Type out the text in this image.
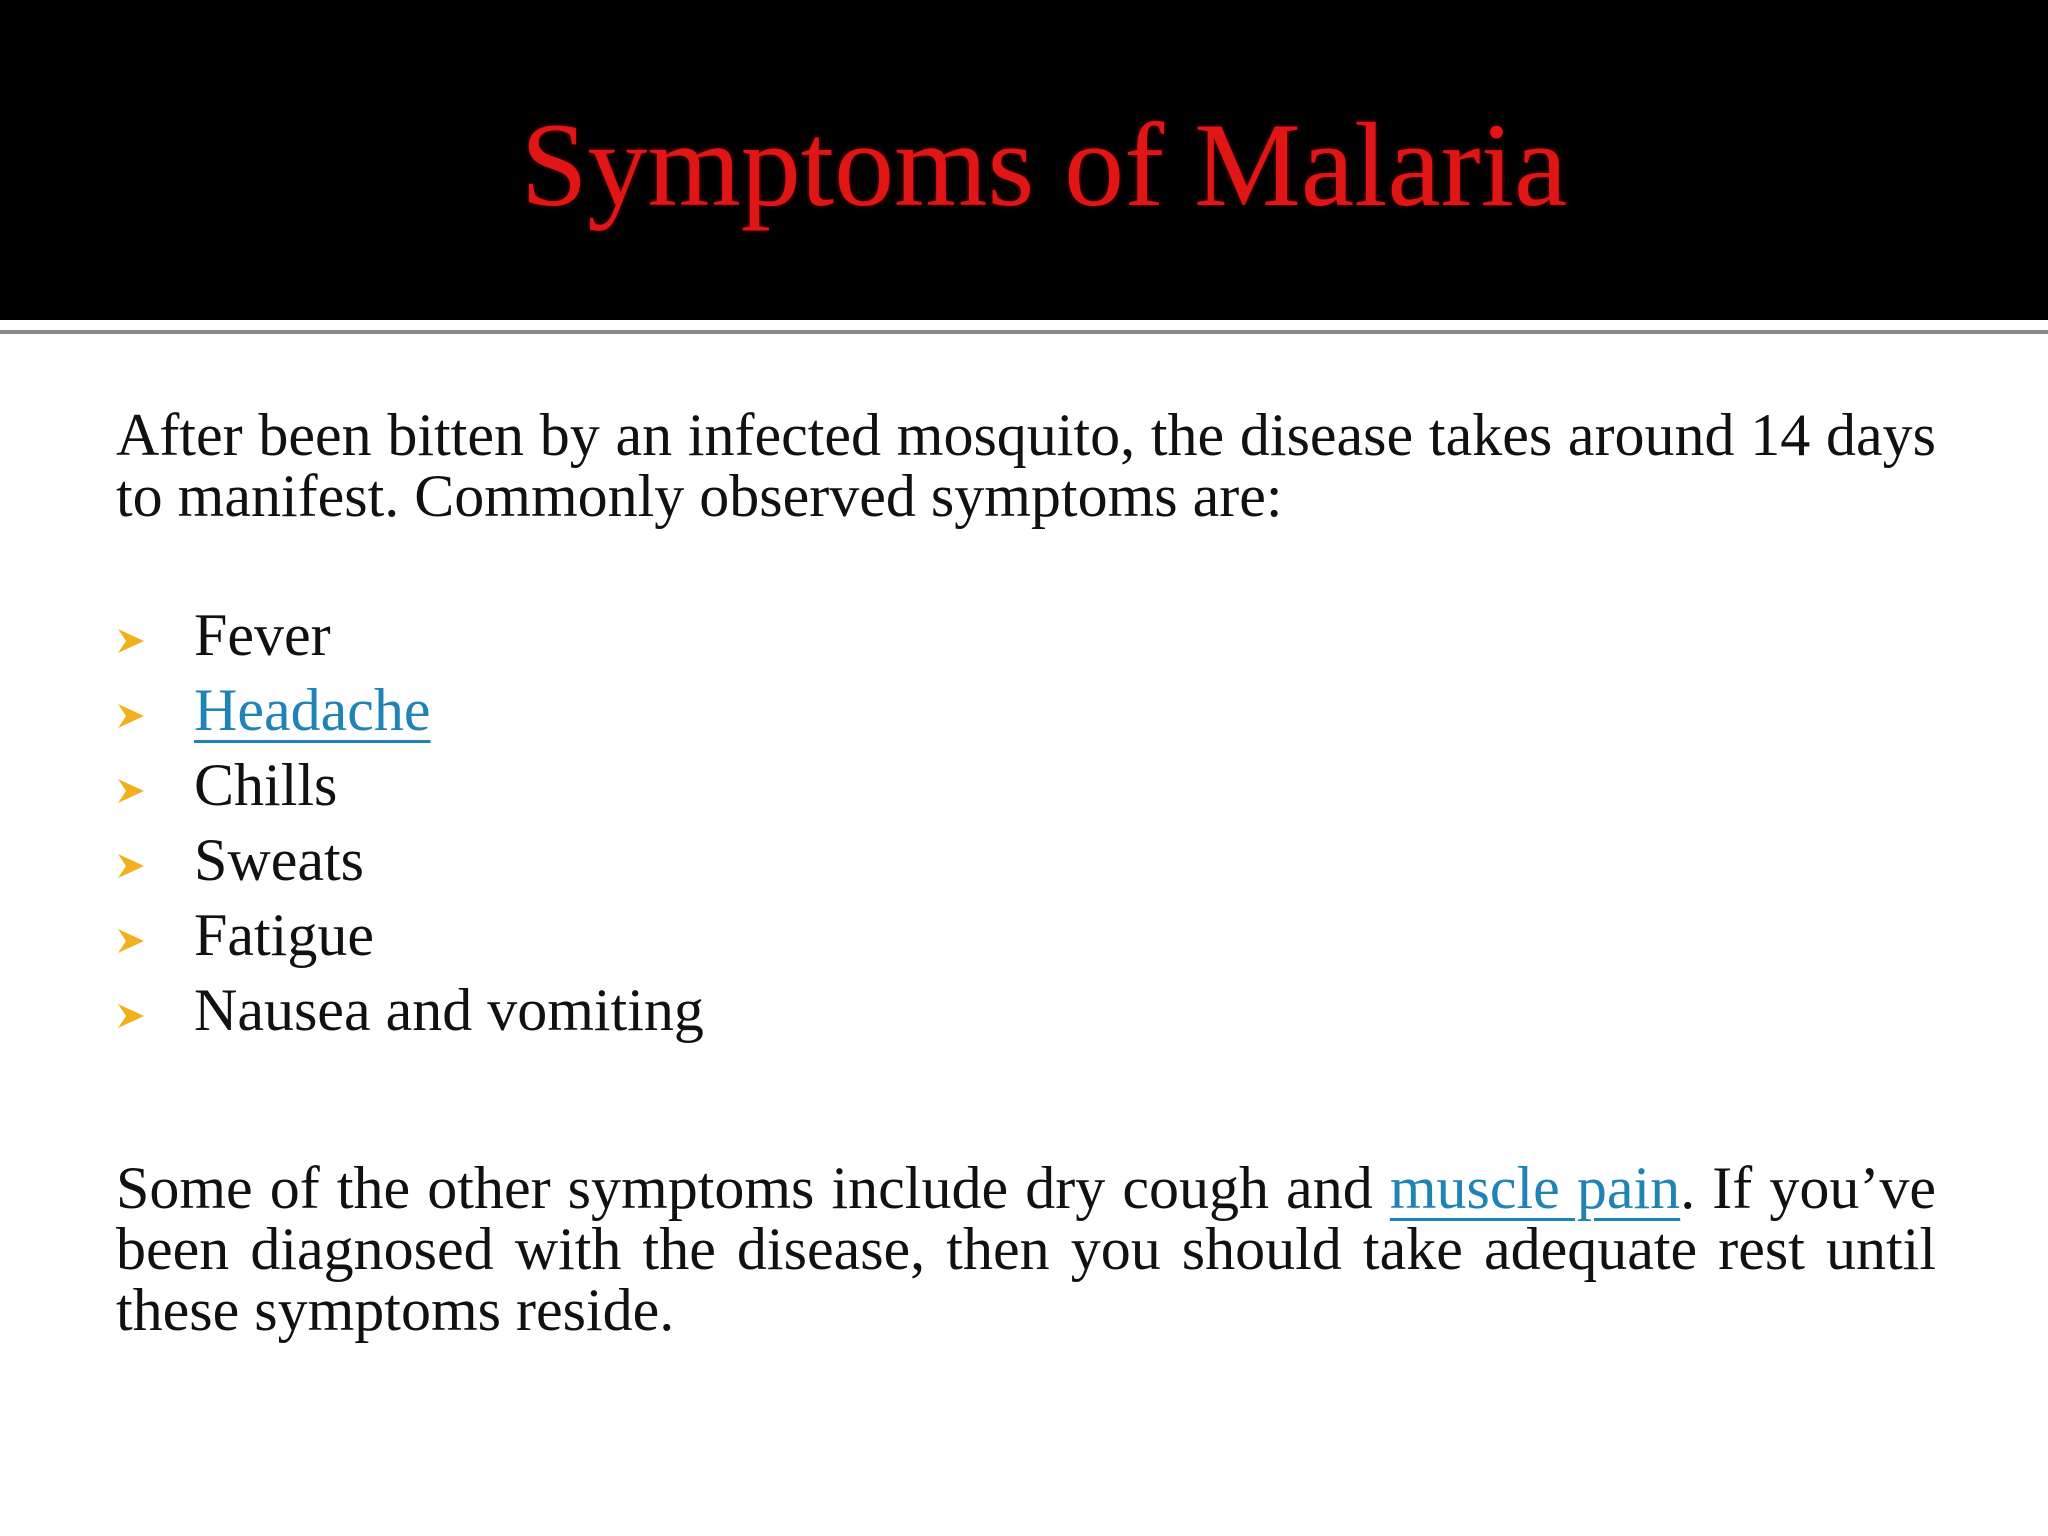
Symptoms of Malaria

After been bitten by an infected mosquito, the disease takes around 14 days to manifest. Commonly observed symptoms are:

Fever
Headache
Chills
Sweats
Fatigue
Nausea and vomiting

Some of the other symptoms include dry cough and muscle pain. If you’ve been diagnosed with the disease, then you should take adequate rest until these symptoms reside.
